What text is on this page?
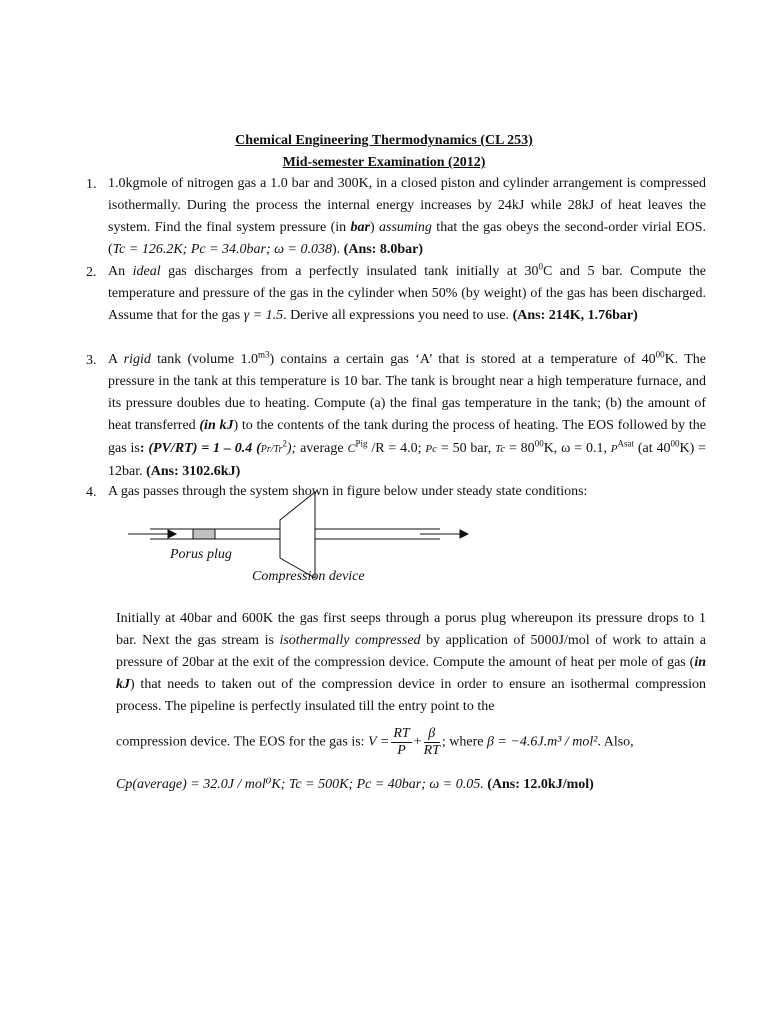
Chemical Engineering Thermodynamics (CL 253)
Mid-semester Examination (2012)
1. 1.0kgmole of nitrogen gas a 1.0 bar and 300K, in a closed piston and cylinder arrangement is compressed isothermally. During the process the internal energy increases by 24kJ while 28kJ of heat leaves the system. Find the final system pressure (in bar) assuming that the gas obeys the second-order virial EOS. (Tc = 126.2K; Pc = 34.0bar; ω = 0.038). (Ans: 8.0bar)
2. An ideal gas discharges from a perfectly insulated tank initially at $30^0C$ and 5 bar. Compute the temperature and pressure of the gas in the cylinder when 50% (by weight) of the gas has been discharged. Assume that for the gas γ = 1.5. Derive all expressions you need to use. (Ans: 214K, 1.76bar)
3. A rigid tank (volume $1.0^{m3}$) contains a certain gas ‘A’ that is stored at a temperature of $40^{00}K$. The pressure in the tank at this temperature is 10 bar. The tank is brought near a high temperature furnace, and its pressure doubles due to heating. Compute (a) the final gas temperature in the tank; (b) the amount of heat transferred (in kJ) to the contents of the tank during the process of heating. The EOS followed by the gas is: (PV/RT) = 1 – 0.4 (Pr/Tr$^2$); average $C^{Pig}$ /R = 4.0; Pc = 50 bar, $Tc = 80^{00}K$, ω = 0.1, $P^{Asat}$ (at $40^{00}K) = 12bar$. (Ans: 3102.6kJ)
4. A gas passes through the system shown in figure below under steady state conditions:
Porus plug
Compression device
Initially at 40bar and 600K the gas first seeps through a porus plug whereupon its pressure drops to 1 bar. Next the gas stream is isothermally compressed by application of 5000J/mol of work to attain a pressure of 20bar at the exit of the compression device. Compute the amount of heat per mole of gas (in kJ) that needs to taken out of the compression device in order to ensure an isothermal compression process. The pipeline is perfectly insulated till the entry point to the
compression device. The EOS for the gas is: $V = \frac{RT}{P} + \frac{\beta}{RT}$ ; where β = −4.6J.m³ / mol². Also,
Cp(average) = 32.0J / mol⁰K; Tc = 500K; Pc = 40bar; ω = 0.05. (Ans: 12.0kJ/mol)
